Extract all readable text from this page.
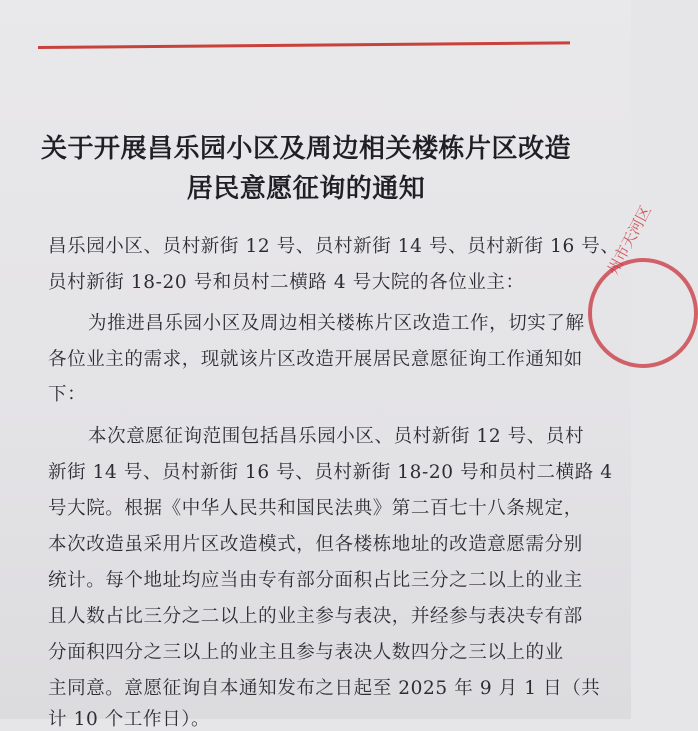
关于开展昌乐园小区及周边相关楼栋片区改造
居民意愿征询的通知
昌乐园小区、员村新街 12 号、员村新街 14 号、员村新街 16 号、
员村新街 18-20 号和员村二横路 4 号大院的各位业主：
为推进昌乐园小区及周边相关楼栋片区改造工作，切实了解
各位业主的需求，现就该片区改造开展居民意愿征询工作通知如
下：
本次意愿征询范围包括昌乐园小区、员村新街 12 号、员村
新街 14 号、员村新街 16 号、员村新街 18-20 号和员村二横路 4
号大院。根据《中华人民共和国民法典》第二百七十八条规定，
本次改造虽采用片区改造模式，但各楼栋地址的改造意愿需分别
统计。每个地址均应当由专有部分面积占比三分之二以上的业主
且人数占比三分之二以上的业主参与表决，并经参与表决专有部
分面积四分之三以上的业主且参与表决人数四分之三以上的业
主同意。意愿征询自本通知发布之日起至 2025 年 9 月 1 日（共
计 10 个工作日）。
州市天河区
